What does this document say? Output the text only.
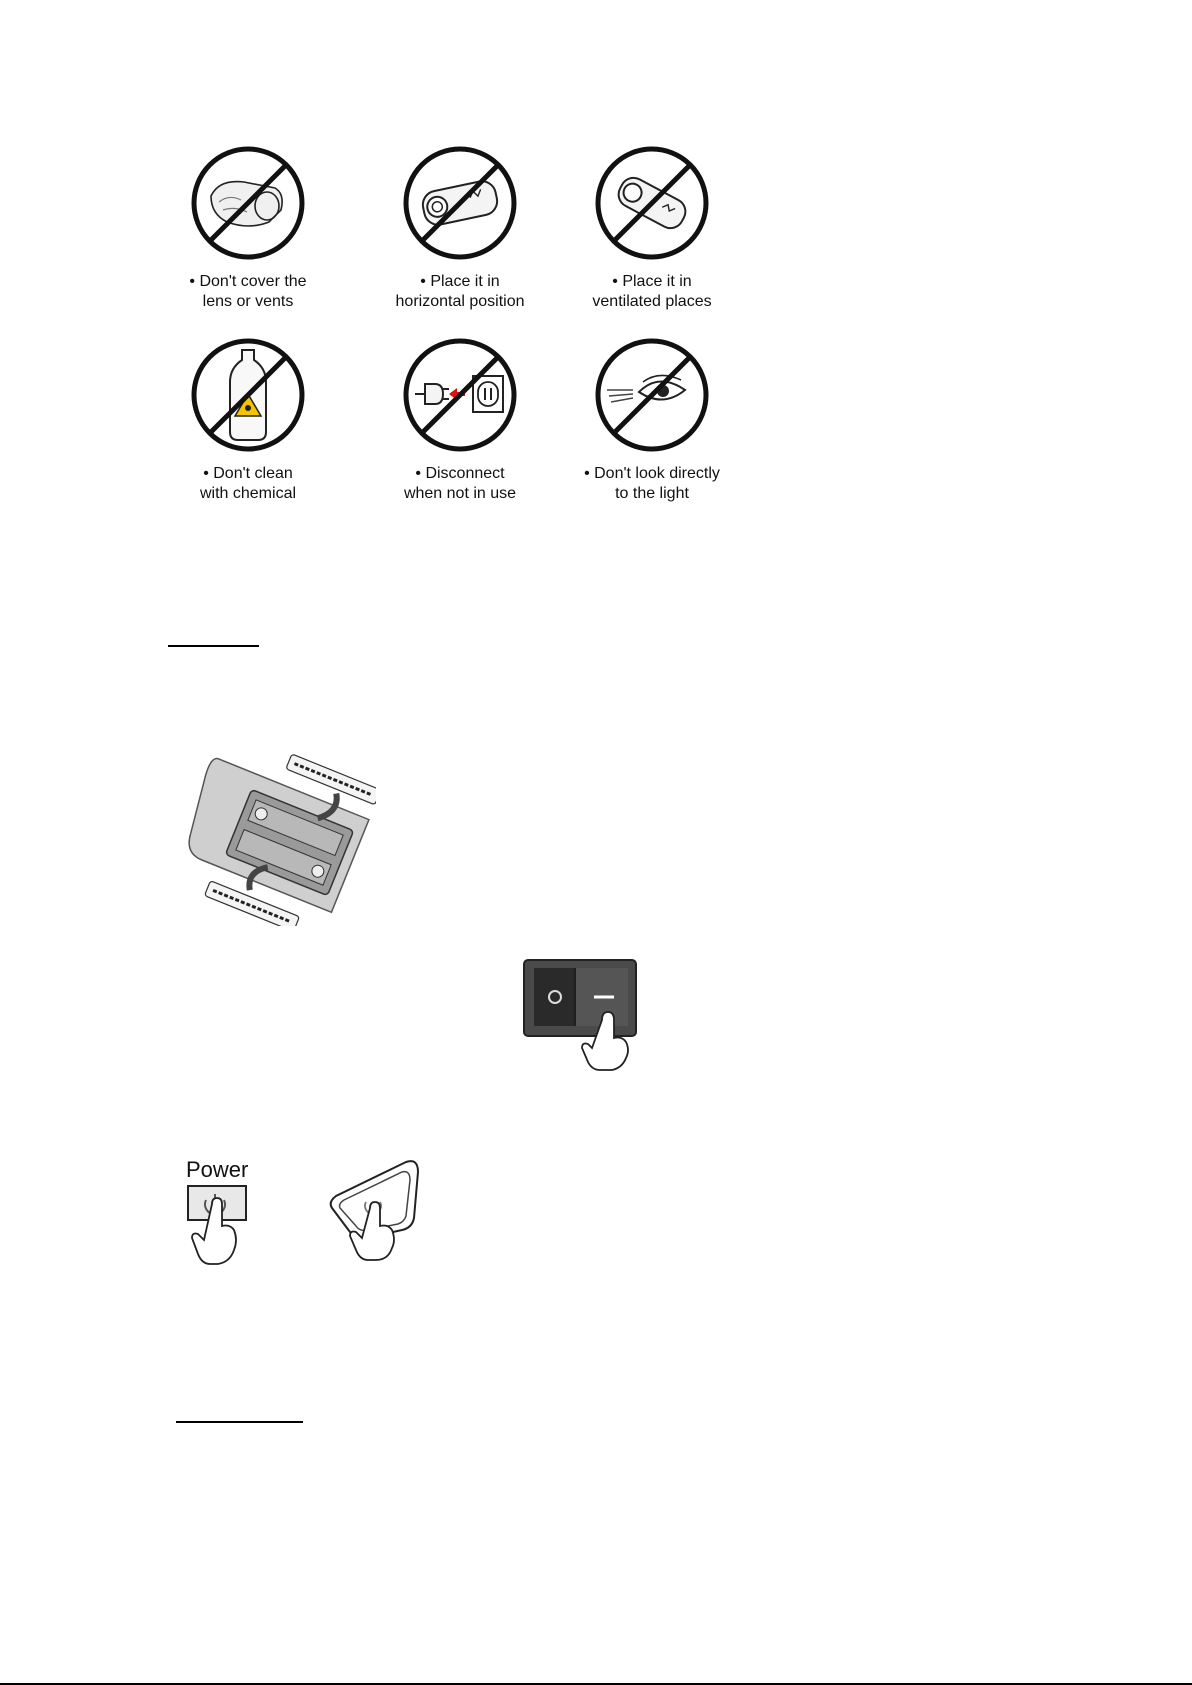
• Don't cover the
lens or vents
• Place it in
horizontal position
• Place it in
ventilated places
• Don't clean
with chemical
• Disconnect
when not in use
• Don't look directly
to the light
Power
